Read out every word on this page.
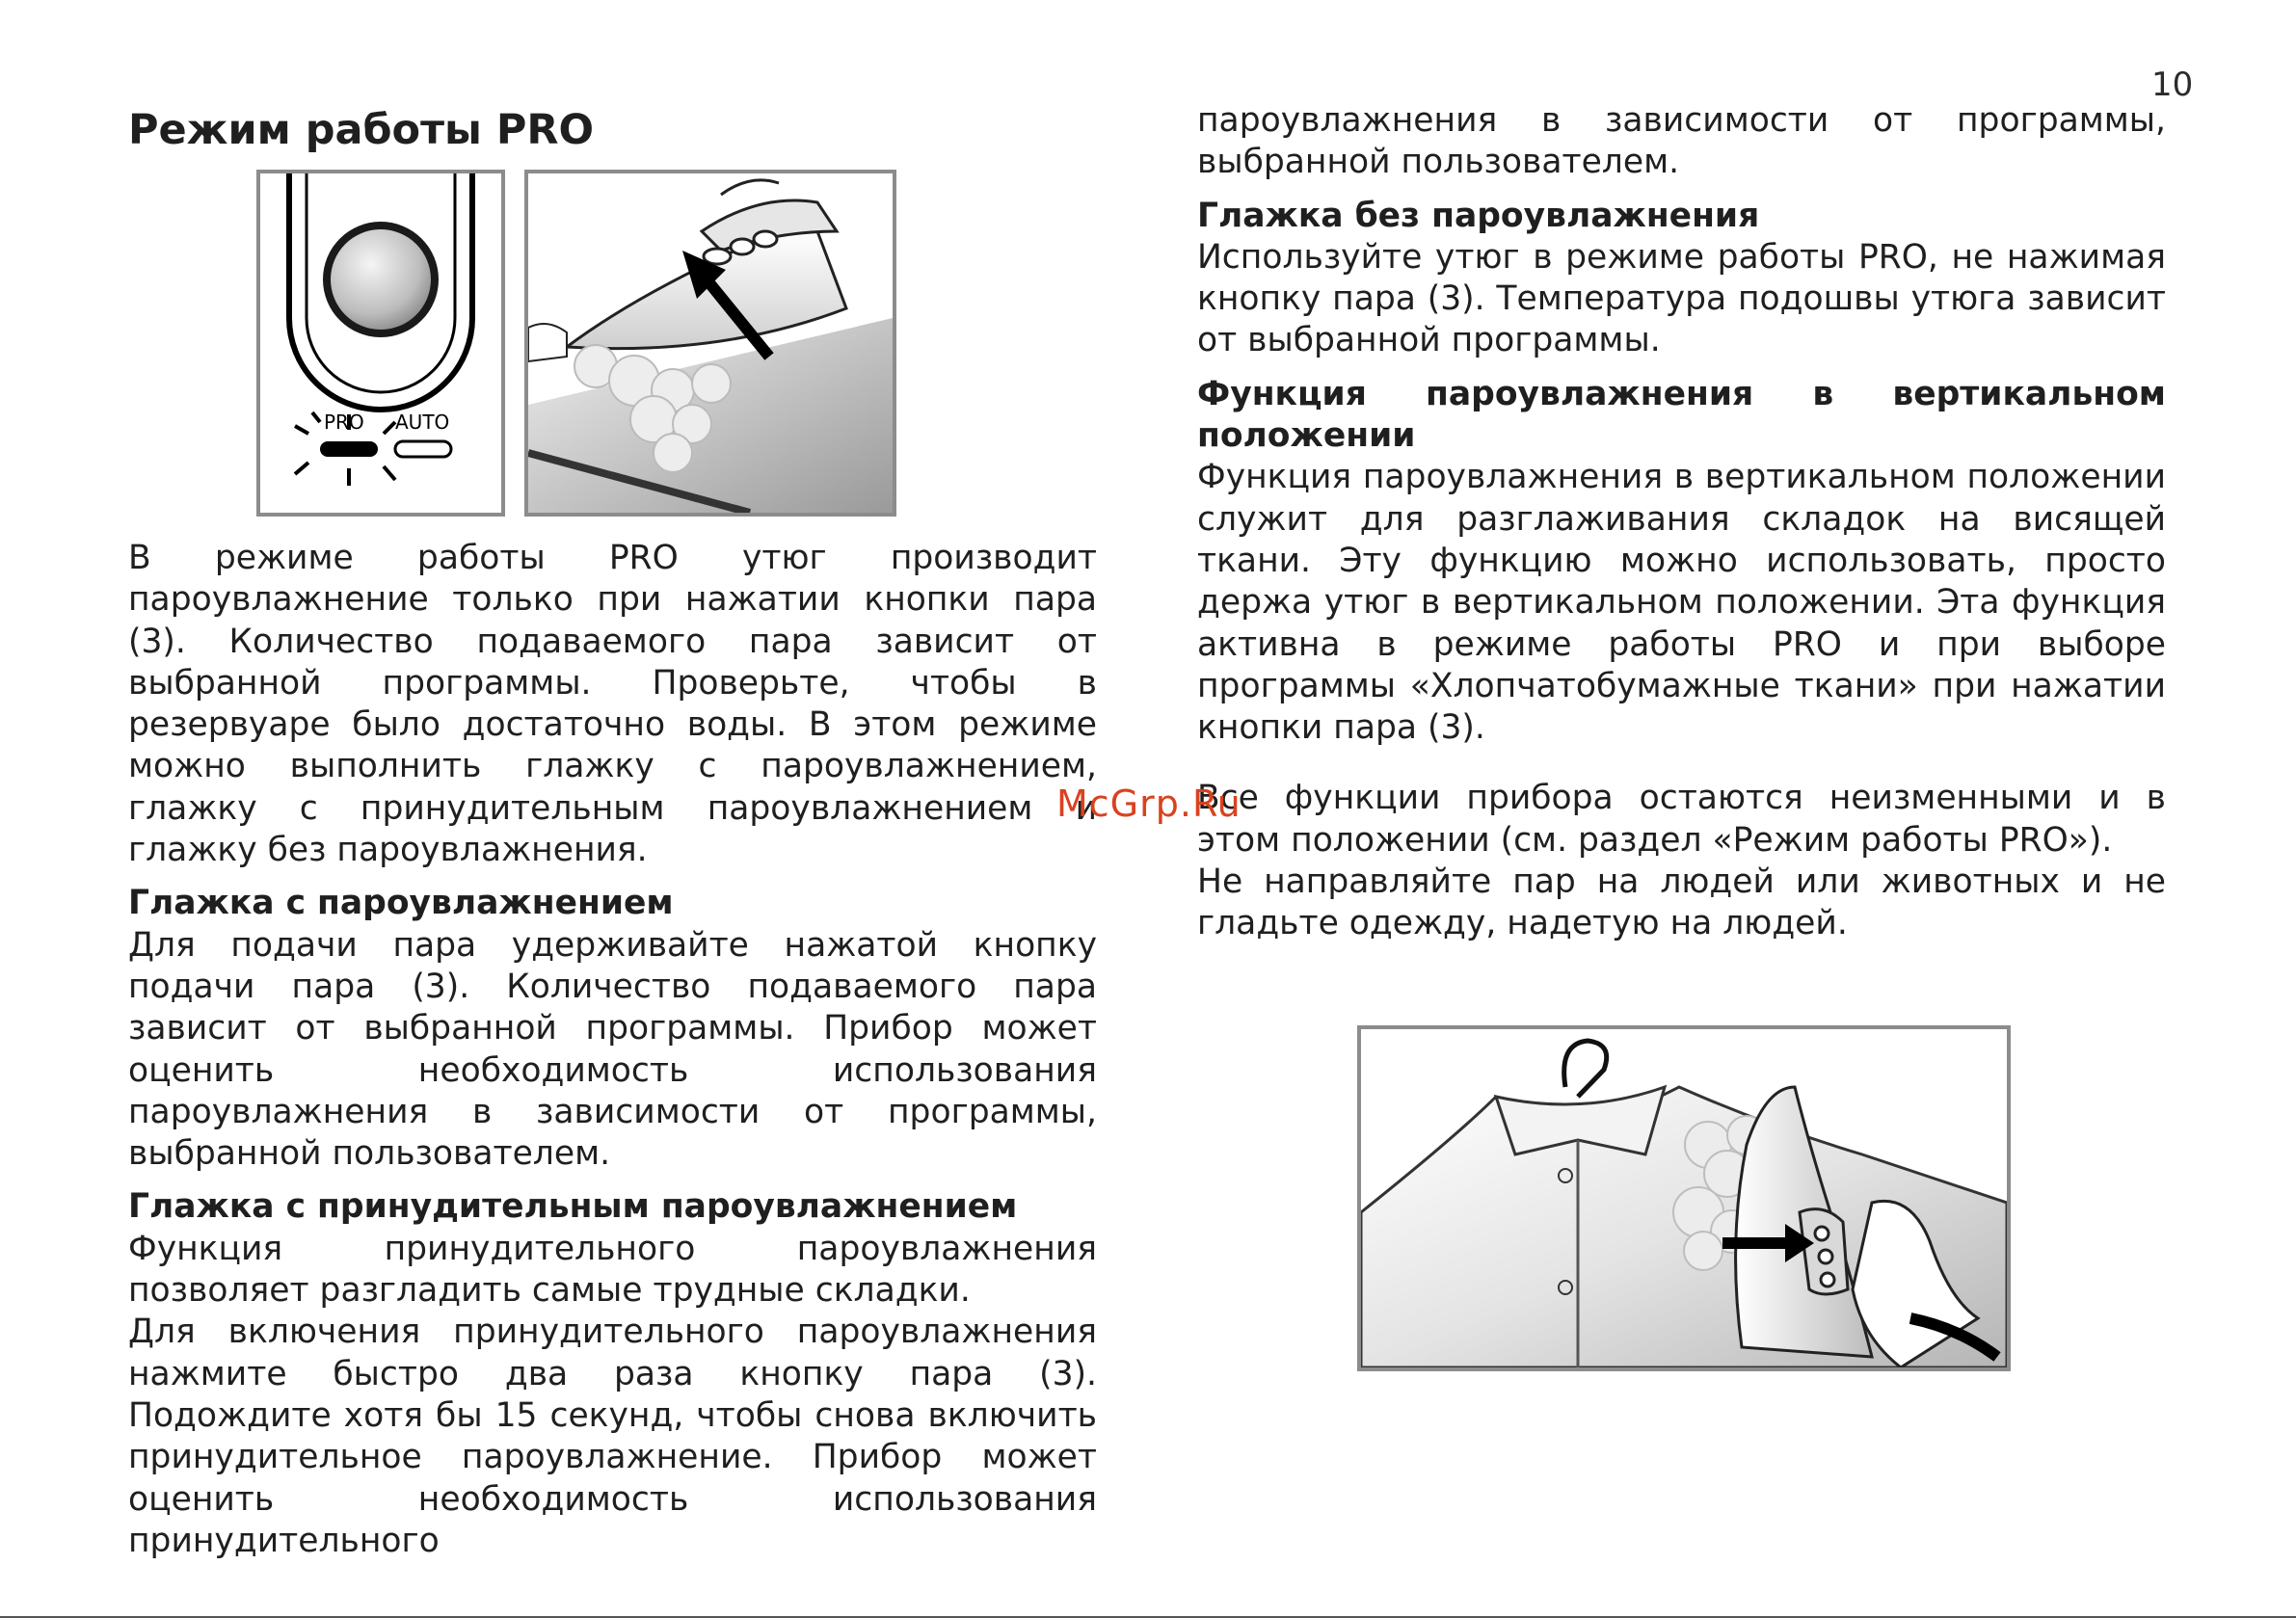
10
Режим работы PRO
PRO AUTO

В режиме работы PRO утюг производит пароувлажнение только при нажатии кнопки пара (3). Количество подаваемого пара зависит от выбранной программы. Проверьте, чтобы в резервуаре было достаточно воды. В этом режиме можно выполнить глажку с пароувлажнением, глажку с принудительным пароувлажнением и глажку без пароувлажнения.

Глажка с пароувлажнением

Для подачи пара удерживайте нажатой кнопку подачи пара (3). Количество подаваемого пара зависит от выбранной программы. Прибор может оценить необходимость использования пароувлажнения в зависимости от программы, выбранной пользователем.

Глажка с принудительным пароувлажнением

Функция принудительного пароувлажнения позволяет разгладить самые трудные складки.

Для включения принудительного пароувлажнения нажмите быстро два раза кнопку пара (3). Подождите хотя бы 15 секунд, чтобы снова включить принудительное пароувлажнение. Прибор может оценить необходимость использования принудительного

пароувлажнения в зависимости от программы, выбранной пользователем.

Глажка без пароувлажнения

Используйте утюг в режиме работы PRO, не нажимая кнопку пара (3). Температура подошвы утюга зависит от выбранной программы.

Функция пароувлажнения в вертикальном положении

Функция пароувлажнения в вертикальном положении служит для разглаживания складок на висящей ткани. Эту функцию можно использовать, просто держа утюг в вертикальном положении. Эта функция активна в режиме работы PRO и при выборе программы «Хлопчатобумажные ткани» при нажатии кнопки пара (3).

Все функции прибора остаются неизменными и в этом положении (см. раздел «Режим работы PRO»).

Не направляйте пар на людей или животных и не гладьте одежду, надетую на людей.

McGrp.Ru
